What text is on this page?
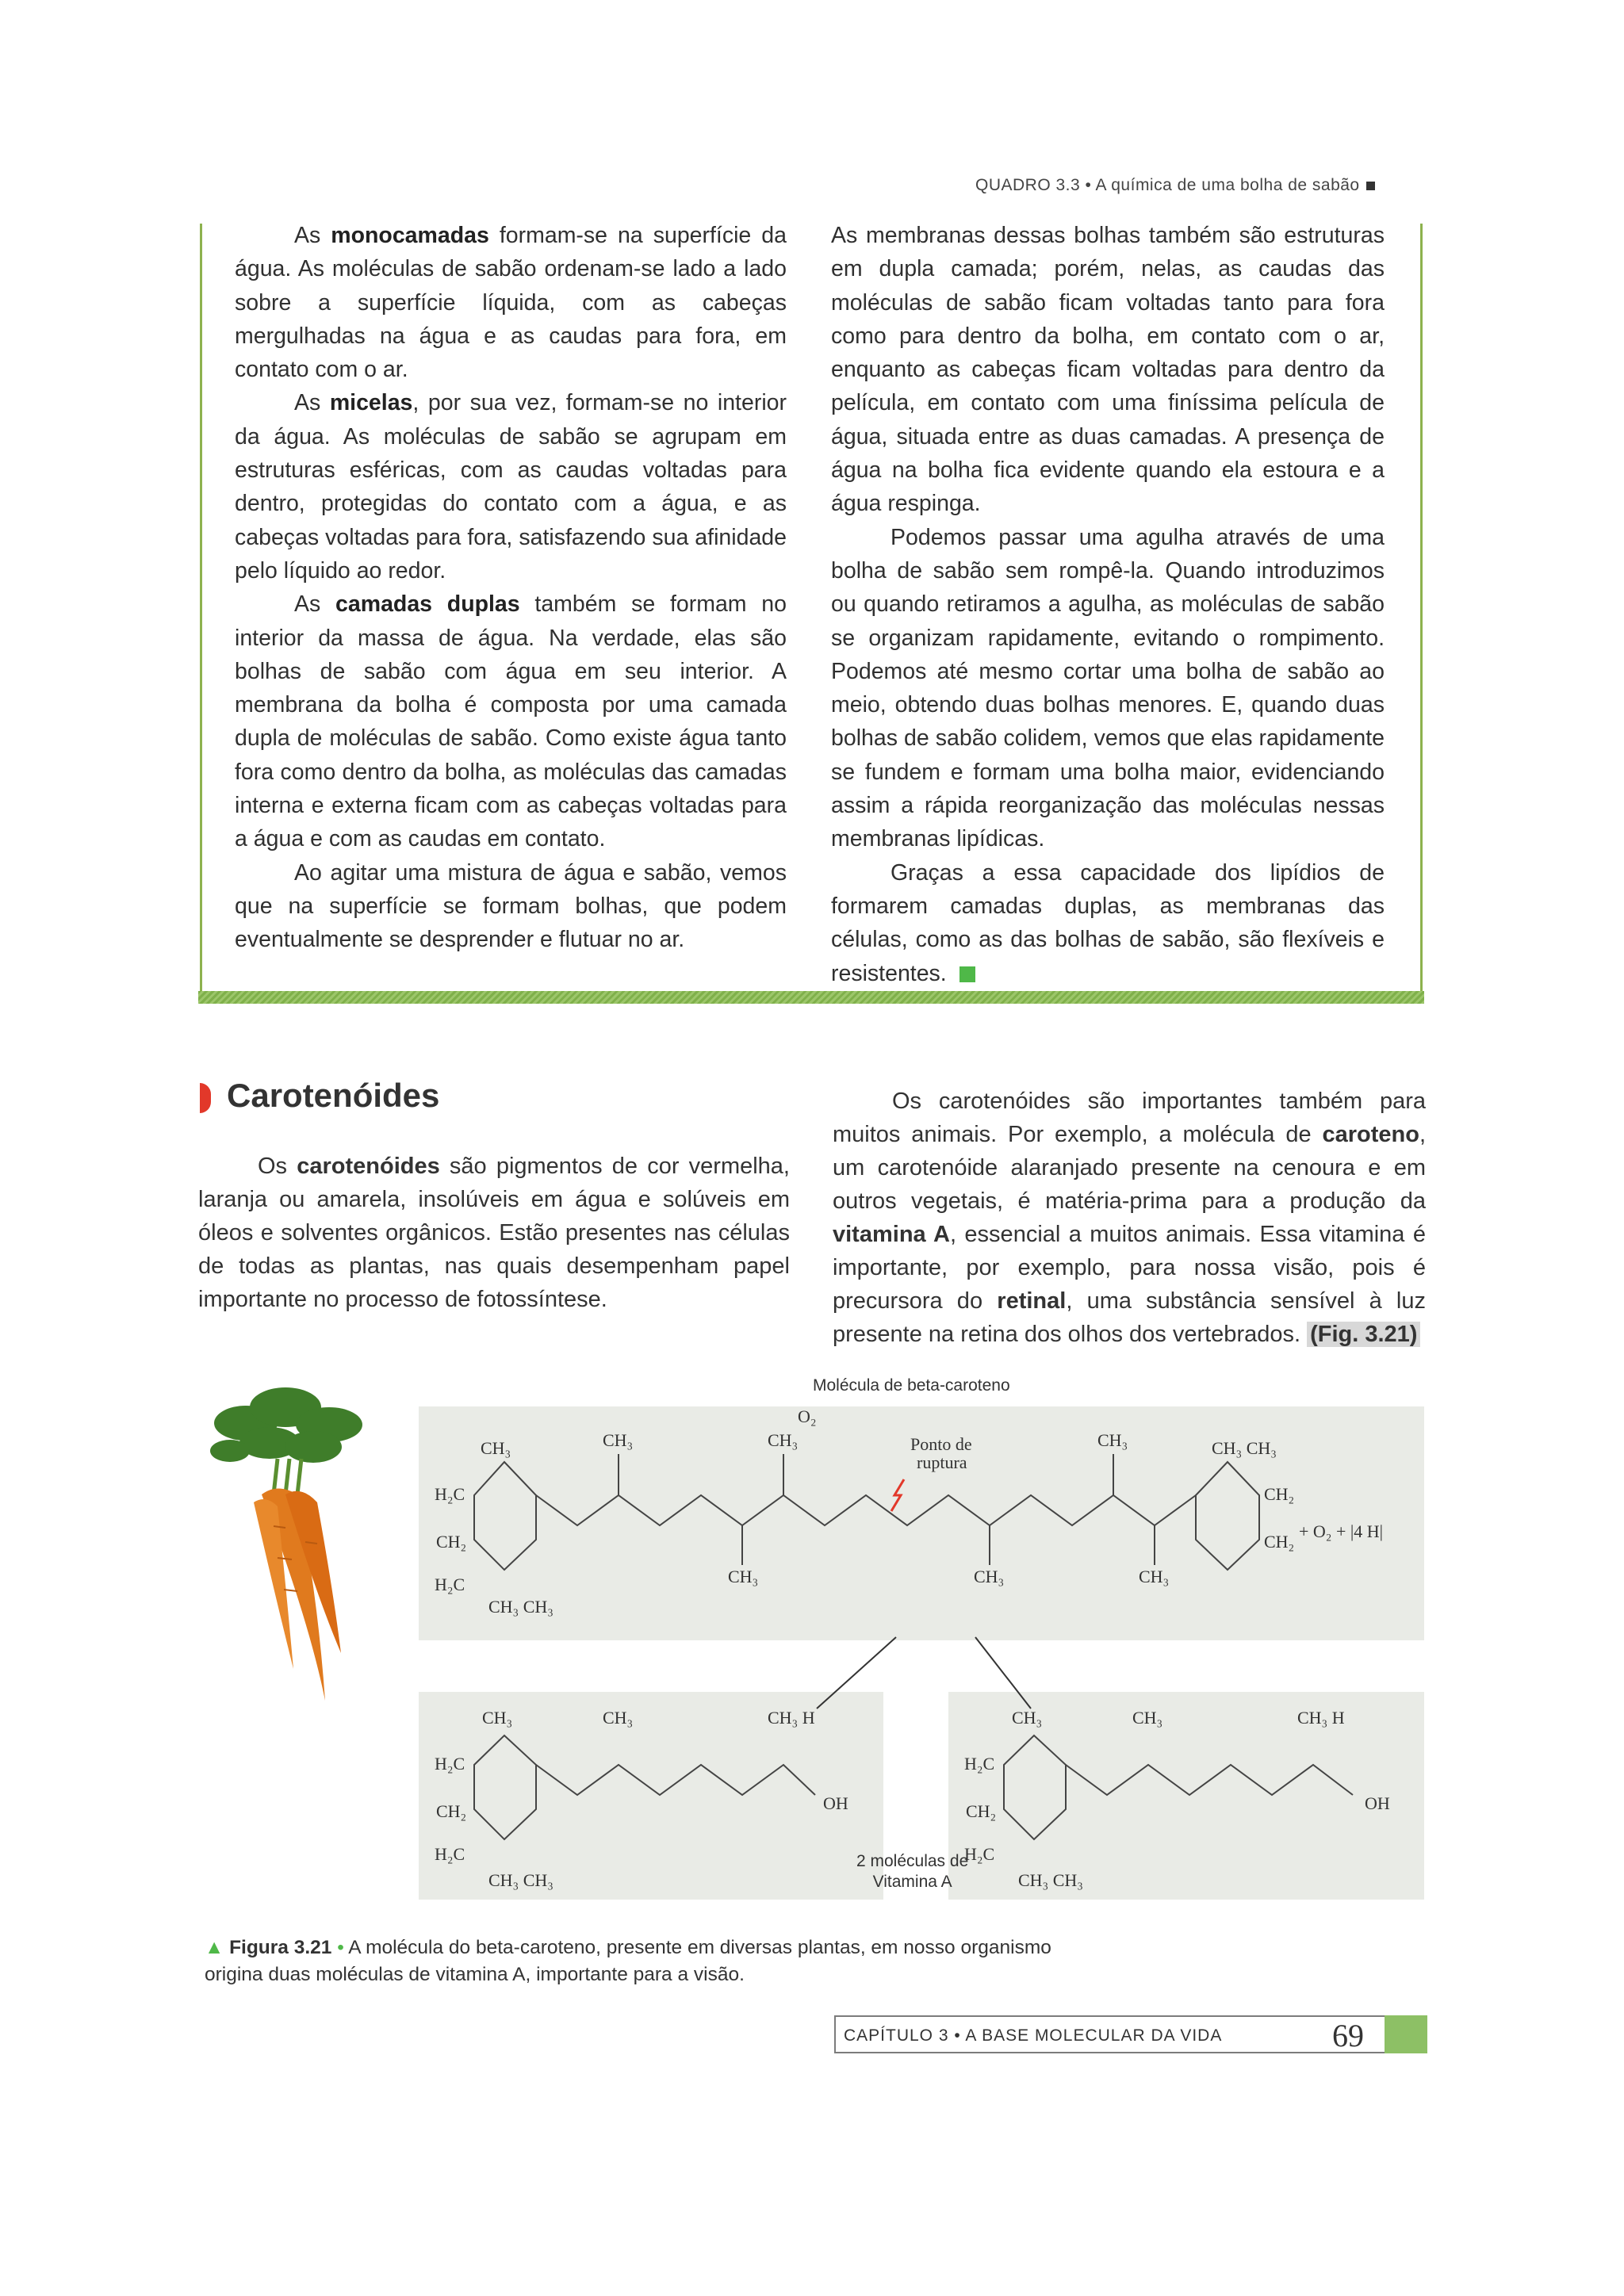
QUADRO 3.3 • A química de uma bolha de sabão

As monocamadas formam-se na superfície da água. As moléculas de sabão ordenam-se lado a lado sobre a superfície líquida, com as cabeças mergulhadas na água e as caudas para fora, em contato com o ar.

As micelas, por sua vez, formam-se no interior da água. As moléculas de sabão se agrupam em estruturas esféricas, com as caudas voltadas para dentro, protegidas do contato com a água, e as cabeças voltadas para fora, satisfazendo sua afinidade pelo líquido ao redor.

As camadas duplas também se formam no interior da massa de água. Na verdade, elas são bolhas de sabão com água em seu interior. A membrana da bolha é composta por uma camada dupla de moléculas de sabão. Como existe água tanto fora como dentro da bolha, as moléculas das camadas interna e externa ficam com as cabeças voltadas para a água e com as caudas em contato.

Ao agitar uma mistura de água e sabão, vemos que na superfície se formam bolhas, que podem eventualmente se desprender e flutuar no ar.

As membranas dessas bolhas também são estruturas em dupla camada; porém, nelas, as caudas das moléculas de sabão ficam voltadas tanto para fora como para dentro da bolha, em contato com o ar, enquanto as cabeças ficam voltadas para dentro da película, em contato com uma finíssima película de água, situada entre as duas camadas. A presença de água na bolha fica evidente quando ela estoura e a água respinga.

Podemos passar uma agulha através de uma bolha de sabão sem rompê-la. Quando introduzimos ou quando retiramos a agulha, as moléculas de sabão se organizam rapidamente, evitando o rompimento. Podemos até mesmo cortar uma bolha de sabão ao meio, obtendo duas bolhas menores. E, quando duas bolhas de sabão colidem, vemos que elas rapidamente se fundem e formam uma bolha maior, evidenciando assim a rápida reorganização das moléculas nessas membranas lipídicas.

Graças a essa capacidade dos lipídios de formarem camadas duplas, as membranas das células, como as das bolhas de sabão, são flexíveis e resistentes.

Carotenóides

Os carotenóides são pigmentos de cor vermelha, laranja ou amarela, insolúveis em água e solúveis em óleos e solventes orgânicos. Estão presentes nas células de todas as plantas, nas quais desempenham papel importante no processo de fotossíntese.

Os carotenóides são importantes também para muitos animais. Por exemplo, a molécula de caroteno, um carotenóide alaranjado presente na cenoura e em outros vegetais, é matéria-prima para a produção da vitamina A, essencial a muitos animais. Essa vitamina é importante, por exemplo, para nossa visão, pois é precursora do retinal, uma substância sensível à luz presente na retina dos olhos dos vertebrados. (Fig. 3.21)

Molécula de beta-caroteno
H₂C
CH₂
H₂C
CH₃
CH₃ CH₃
CH₃	CH₃	CH₃
CH₃	CH₃	CH₃
CH₃ CH₃
CH₂
CH₂
+ O₂ + |4 H|
Ponto de
ruptura
O₂
H₂C
CH₂
H₂C
CH₃
CH₃ CH₃
CH₃	CH₃ H
OH
H₂C
CH₂
H₂C
CH₃
CH₃ CH₃
CH₃	CH₃ H
OH
2 moléculas de
Vitamina A
▲ Figura 3.21 • A molécula do beta-caroteno, presente em diversas plantas, em nosso organismo origina duas moléculas de vitamina A, importante para a visão.
CAPÍTULO 3 • A BASE MOLECULAR DA VIDA	69
